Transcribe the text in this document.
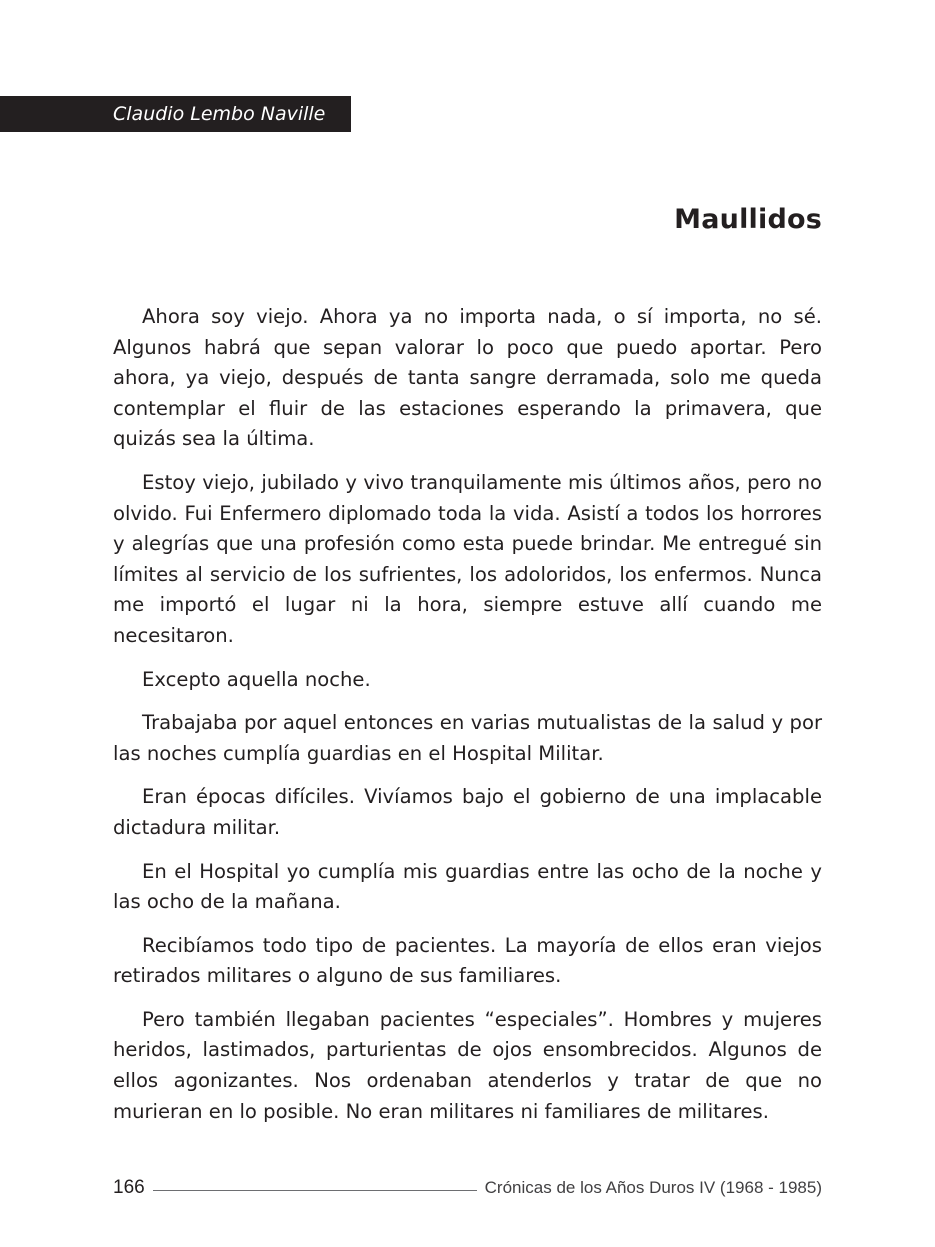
Claudio Lembo Naville
Maullidos

Ahora soy viejo. Ahora ya no importa nada, o sí importa, no sé. Algunos habrá que sepan valorar lo poco que puedo aportar. Pero ahora, ya viejo, después de tanta sangre derramada, solo me queda contemplar el fluir de las estaciones esperando la primavera, que quizás sea la última.

Estoy viejo, jubilado y vivo tranquilamente mis últimos años, pero no olvido. Fui Enfermero diplomado toda la vida. Asistí a todos los horrores y alegrías que una profesión como esta puede brindar. Me entregué sin límites al servicio de los sufrientes, los adoloridos, los enfermos. Nunca me importó el lugar ni la hora, siempre estuve allí cuando me necesitaron.

Excepto aquella noche.

Trabajaba por aquel entonces en varias mutualistas de la salud y por las noches cumplía guardias en el Hospital Militar.

Eran épocas difíciles. Vivíamos bajo el gobierno de una implacable dictadura militar.

En el Hospital yo cumplía mis guardias entre las ocho de la noche y las ocho de la mañana.

Recibíamos todo tipo de pacientes. La mayoría de ellos eran viejos retirados militares o alguno de sus familiares.

Pero también llegaban pacientes “especiales”. Hombres y mujeres heridos, lastimados, parturientas de ojos ensombrecidos. Algunos de ellos agonizantes. Nos ordenaban atenderlos y tratar de que no murieran en lo posible. No eran militares ni familiares de militares.

166	Crónicas de los Años Duros IV (1968 - 1985)
